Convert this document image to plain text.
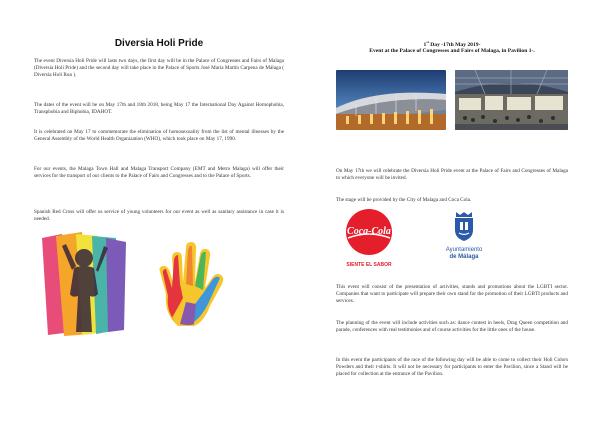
Diversia Holi Pride
The event Diversia Holi Pride will lasts two days, the first day will be in the Palace of Congresses and Fairs of Malaga (Diversia Holi Pride) and the second day will take place in the Palace of Sports José María Martín Carpena de Málaga ( Diversia Holi Run ).
The dates of the event will be on May 17th and 18th 2018, being May 17 the International Day Against Homophobia, Transphobia and Biphobia, IDAHOT.
It is celebrated on May 17 to commemorate the elimination of homosexuality from the list of mental illnesses by the General Assembly of the World Health Organization (WHO), which took place on May 17, 1990.
For our events, the Malaga Town Hall and Malaga Transport Company (EMT and Metro Malaga) will offer their services for the transport of our clients to the Palace of Fairs and Congresses and to the Palace of Sports.
Spanish Red Cross will offer us service of young volunteers for our event as well as sanitary assistance in case it is needed.
1st Day -17th May 2019-
Event at the Palace of Congresses and Fairs of Malaga, in Pavilion 1-.
On May 17th we will celebrate the Diversia Holi Pride event at the Palace of Fairs and Congresses of Malaga to which everyone will be invited.
The stage will be provided by the City of Malaga and Coca Cola.
Coca-Cola
SIENTE EL SABOR
Ayuntamiento
de Málaga
This event will consist of the presentation of activities, stands and promotions about the LGBTI sector. Companies that want to participate will prepare their own stand for the promotion of their LGBTI products and services.
The planning of the event will include activities such as: dance contest in heels, Drag Queen competition and parade, conferences with real testimonies and of course activities for the little ones of the house.
In this event the participants of the race of the following day will be able to come to collect their Holi Colors Powders and their t-shirts. It will not be necessary for participants to enter the Pavilion, since a Stand will be placed for collection at the entrance of the Pavilion.
